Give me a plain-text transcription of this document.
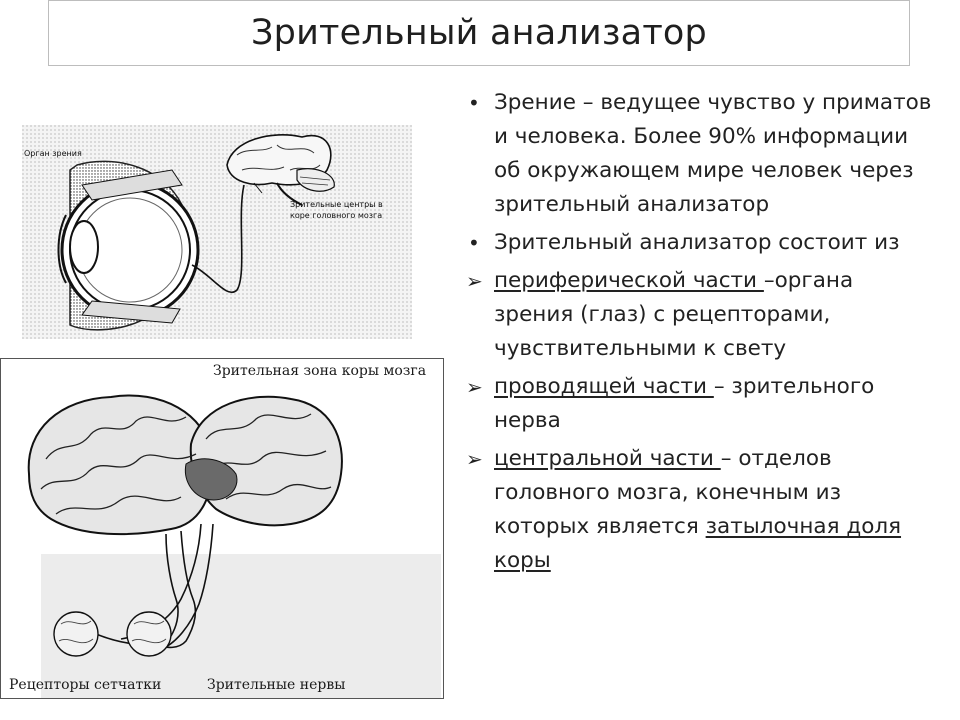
Зрительный анализатор
Орган зрения
Зрительные центры в
коре головного мозга
Зрительная зона коры мозга
Рецепторы сетчатки	Зрительные нервы
• Зрение – ведущее чувство у приматов и человека. Более 90% информации об окружающем мире человек через зрительный анализатор
• Зрительный анализатор состоит из
➢ периферической части –органа зрения (глаз) с рецепторами, чувствительными к свету
➢ проводящей части – зрительного нерва
➢ центральной части – отделов головного мозга, конечным из которых является затылочная доля коры
